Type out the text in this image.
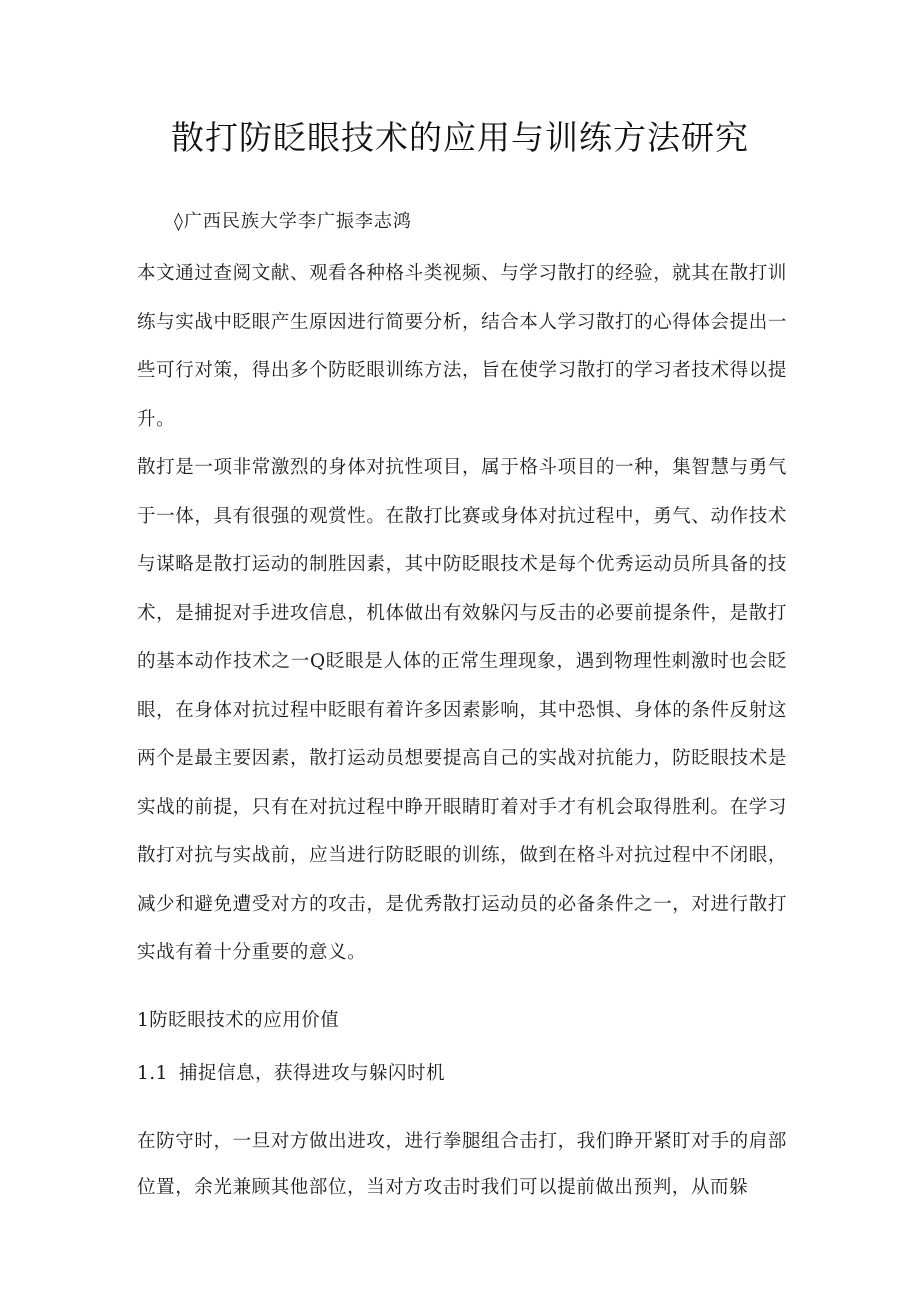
散打防眨眼技术的应用与训练方法研究
◊广西民族大学李广振李志鸿
本文通过查阅文献、观看各种格斗类视频、与学习散打的经验，就其在散打训练与实战中眨眼产生原因进行简要分析，结合本人学习散打的心得体会提出一些可行对策，得出多个防眨眼训练方法，旨在使学习散打的学习者技术得以提升。
散打是一项非常激烈的身体对抗性项目，属于格斗项目的一种，集智慧与勇气于一体，具有很强的观赏性。在散打比赛或身体对抗过程中，勇气、动作技术与谋略是散打运动的制胜因素，其中防眨眼技术是每个优秀运动员所具备的技术，是捕捉对手进攻信息，机体做出有效躲闪与反击的必要前提条件，是散打的基本动作技术之一Q眨眼是人体的正常生理现象，遇到物理性刺激时也会眨眼，在身体对抗过程中眨眼有着许多因素影响，其中恐惧、身体的条件反射这两个是最主要因素，散打运动员想要提高自己的实战对抗能力，防眨眼技术是实战的前提，只有在对抗过程中睁开眼睛盯着对手才有机会取得胜利。在学习散打对抗与实战前，应当进行防眨眼的训练，做到在格斗对抗过程中不闭眼，减少和避免遭受对方的攻击，是优秀散打运动员的必备条件之一，对进行散打实战有着十分重要的意义。
1防眨眼技术的应用价值
1.1 捕捉信息，获得进攻与躲闪时机
在防守时，一旦对方做出进攻，进行拳腿组合击打，我们睁开紧盯对手的肩部位置，余光兼顾其他部位，当对方攻击时我们可以提前做出预判，从而躲
